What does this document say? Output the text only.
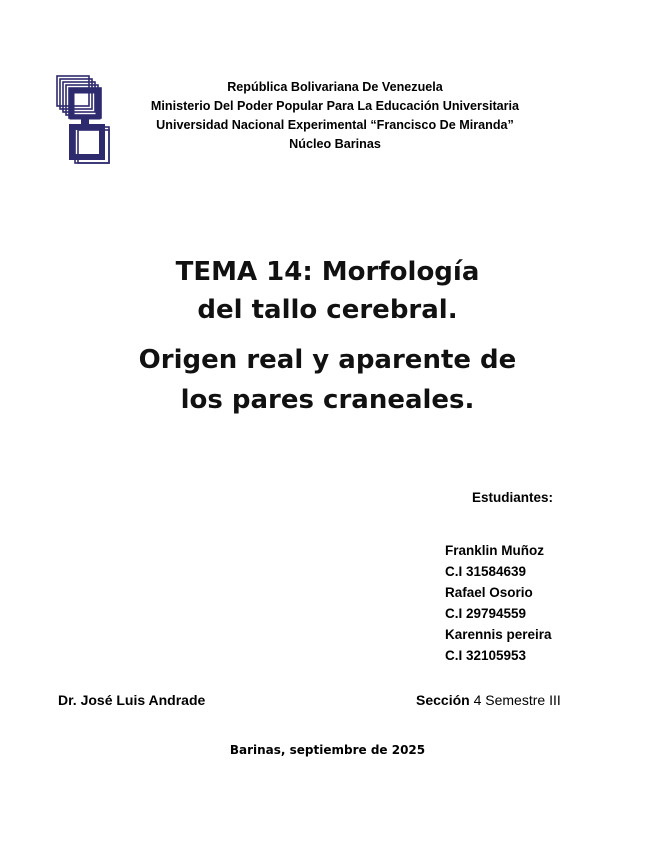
República Bolivariana De Venezuela
Ministerio Del Poder Popular Para La Educación Universitaria
Universidad Nacional Experimental “Francisco De Miranda”
Núcleo Barinas
TEMA 14: Morfología
del tallo cerebral.
Origen real y aparente de
los pares craneales.
Estudiantes:
Franklin Muñoz
C.I 31584639
Rafael Osorio
C.I 29794559
Karennis pereira
C.I 32105953
Dr. José Luis Andrade	Sección 4 Semestre III
Barinas, septiembre de 2025
